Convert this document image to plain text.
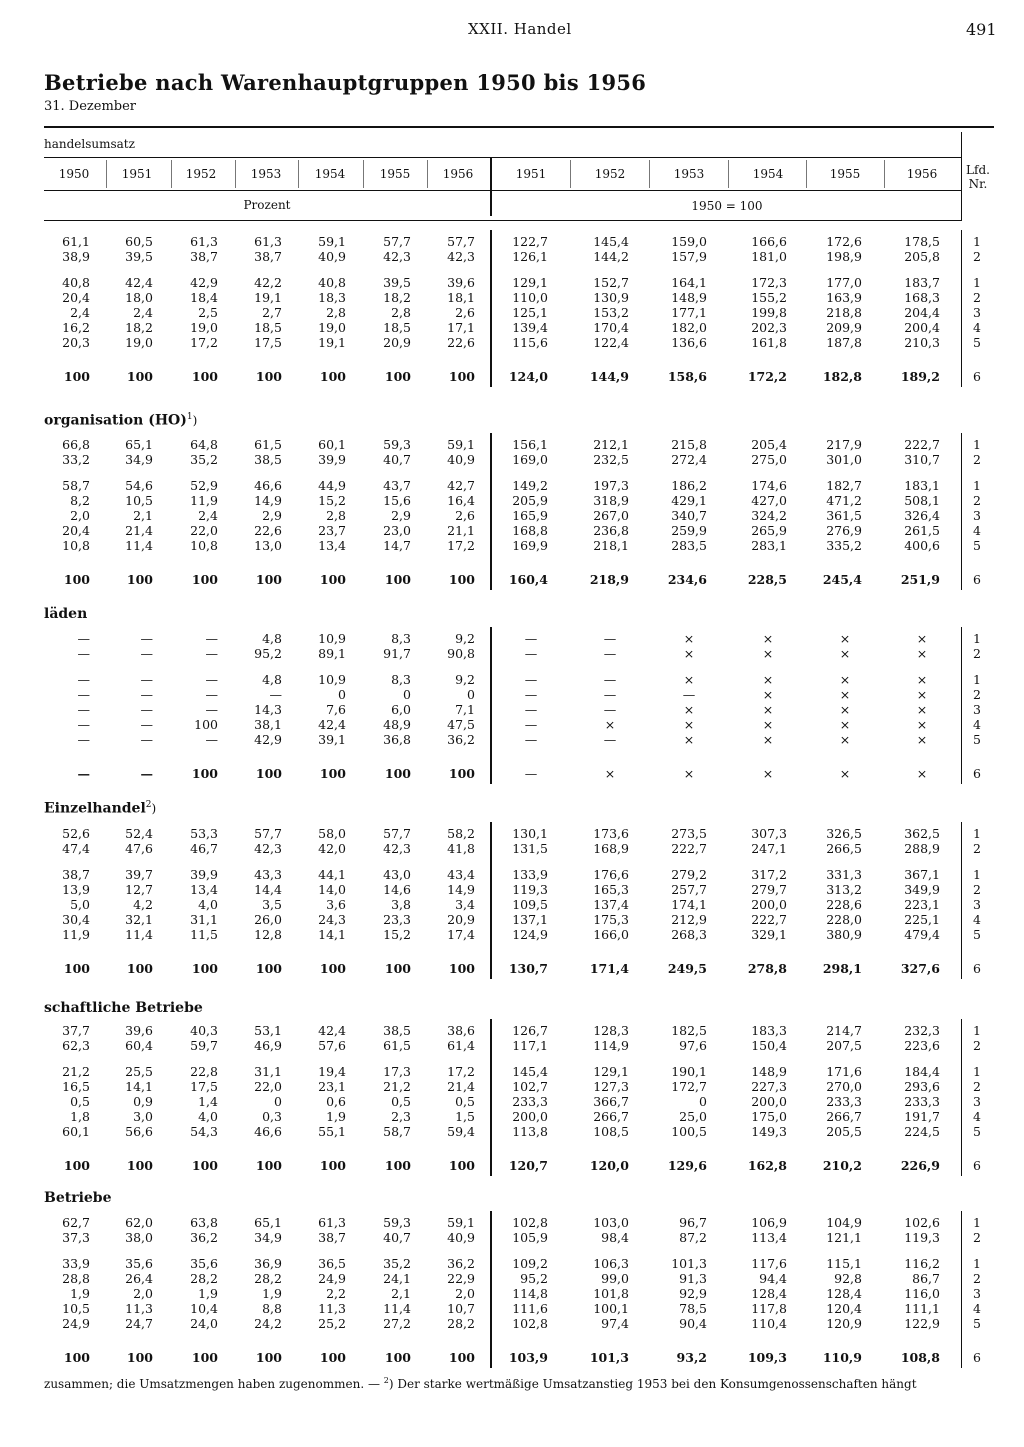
XXII. Handel	491
Betriebe nach Warenhauptgruppen 1950 bis 1956
31. Dezember
handelsumsatz
1950	1951	1952	1953	1954	1955	1956	1951	1952	1953	1954	1955	1956	Lfd.
Nr.
Prozent	1950 = 100
61,1	60,5	61,3	61,3	59,1	57,7	57,7	122,7	145,4	159,0	166,6	172,6	178,5	1
38,9	39,5	38,7	38,7	40,9	42,3	42,3	126,1	144,2	157,9	181,0	198,9	205,8	2
40,8	42,4	42,9	42,2	40,8	39,5	39,6	129,1	152,7	164,1	172,3	177,0	183,7	1
20,4	18,0	18,4	19,1	18,3	18,2	18,1	110,0	130,9	148,9	155,2	163,9	168,3	2
2,4	2,4	2,5	2,7	2,8	2,8	2,6	125,1	153,2	177,1	199,8	218,8	204,4	3
16,2	18,2	19,0	18,5	19,0	18,5	17,1	139,4	170,4	182,0	202,3	209,9	200,4	4
20,3	19,0	17,2	17,5	19,1	20,9	22,6	115,6	122,4	136,6	161,8	187,8	210,3	5
100	100	100	100	100	100	100	124,0	144,9	158,6	172,2	182,8	189,2	6
organisation (HO)$^1$)
66,8	65,1	64,8	61,5	60,1	59,3	59,1	156,1	212,1	215,8	205,4	217,9	222,7	1
33,2	34,9	35,2	38,5	39,9	40,7	40,9	169,0	232,5	272,4	275,0	301,0	310,7	2
58,7	54,6	52,9	46,6	44,9	43,7	42,7	149,2	197,3	186,2	174,6	182,7	183,1	1
8,2	10,5	11,9	14,9	15,2	15,6	16,4	205,9	318,9	429,1	427,0	471,2	508,1	2
2,0	2,1	2,4	2,9	2,8	2,9	2,6	165,9	267,0	340,7	324,2	361,5	326,4	3
20,4	21,4	22,0	22,6	23,7	23,0	21,1	168,8	236,8	259,9	265,9	276,9	261,5	4
10,8	11,4	10,8	13,0	13,4	14,7	17,2	169,9	218,1	283,5	283,1	335,2	400,6	5
100	100	100	100	100	100	100	160,4	218,9	234,6	228,5	245,4	251,9	6
läden
—	—	—	4,8	10,9	8,3	9,2	—	—	×	×	×	×	1
—	—	—	95,2	89,1	91,7	90,8	—	—	×	×	×	×	2
—	—	—	4,8	10,9	8,3	9,2	—	—	×	×	×	×	1
—	—	—	—	0	0	0	—	—	—	×	×	×	2
—	—	—	14,3	7,6	6,0	7,1	—	—	×	×	×	×	3
—	—	100	38,1	42,4	48,9	47,5	—	×	×	×	×	×	4
—	—	—	42,9	39,1	36,8	36,2	—	—	×	×	×	×	5
—	—	100	100	100	100	100	—	×	×	×	×	×	6
Einzelhandel$^2$)
52,6	52,4	53,3	57,7	58,0	57,7	58,2	130,1	173,6	273,5	307,3	326,5	362,5	1
47,4	47,6	46,7	42,3	42,0	42,3	41,8	131,5	168,9	222,7	247,1	266,5	288,9	2
38,7	39,7	39,9	43,3	44,1	43,0	43,4	133,9	176,6	279,2	317,2	331,3	367,1	1
13,9	12,7	13,4	14,4	14,0	14,6	14,9	119,3	165,3	257,7	279,7	313,2	349,9	2
5,0	4,2	4,0	3,5	3,6	3,8	3,4	109,5	137,4	174,1	200,0	228,6	223,1	3
30,4	32,1	31,1	26,0	24,3	23,3	20,9	137,1	175,3	212,9	222,7	228,0	225,1	4
11,9	11,4	11,5	12,8	14,1	15,2	17,4	124,9	166,0	268,3	329,1	380,9	479,4	5
100	100	100	100	100	100	100	130,7	171,4	249,5	278,8	298,1	327,6	6
schaftliche Betriebe
37,7	39,6	40,3	53,1	42,4	38,5	38,6	126,7	128,3	182,5	183,3	214,7	232,3	1
62,3	60,4	59,7	46,9	57,6	61,5	61,4	117,1	114,9	97,6	150,4	207,5	223,6	2
21,2	25,5	22,8	31,1	19,4	17,3	17,2	145,4	129,1	190,1	148,9	171,6	184,4	1
16,5	14,1	17,5	22,0	23,1	21,2	21,4	102,7	127,3	172,7	227,3	270,0	293,6	2
0,5	0,9	1,4	0	0,6	0,5	0,5	233,3	366,7	0	200,0	233,3	233,3	3
1,8	3,0	4,0	0,3	1,9	2,3	1,5	200,0	266,7	25,0	175,0	266,7	191,7	4
60,1	56,6	54,3	46,6	55,1	58,7	59,4	113,8	108,5	100,5	149,3	205,5	224,5	5
100	100	100	100	100	100	100	120,7	120,0	129,6	162,8	210,2	226,9	6
Betriebe
62,7	62,0	63,8	65,1	61,3	59,3	59,1	102,8	103,0	96,7	106,9	104,9	102,6	1
37,3	38,0	36,2	34,9	38,7	40,7	40,9	105,9	98,4	87,2	113,4	121,1	119,3	2
33,9	35,6	35,6	36,9	36,5	35,2	36,2	109,2	106,3	101,3	117,6	115,1	116,2	1
28,8	26,4	28,2	28,2	24,9	24,1	22,9	95,2	99,0	91,3	94,4	92,8	86,7	2
1,9	2,0	1,9	1,9	2,2	2,1	2,0	114,8	101,8	92,9	128,4	128,4	116,0	3
10,5	11,3	10,4	8,8	11,3	11,4	10,7	111,6	100,1	78,5	117,8	120,4	111,1	4
24,9	24,7	24,0	24,2	25,2	27,2	28,2	102,8	97,4	90,4	110,4	120,9	122,9	5
100	100	100	100	100	100	100	103,9	101,3	93,2	109,3	110,9	108,8	6
zusammen; die Umsatzmengen haben zugenommen. — $^2$) Der starke wertmäßige Umsatzanstieg 1953 bei den Konsumgenossenschaften hängt
